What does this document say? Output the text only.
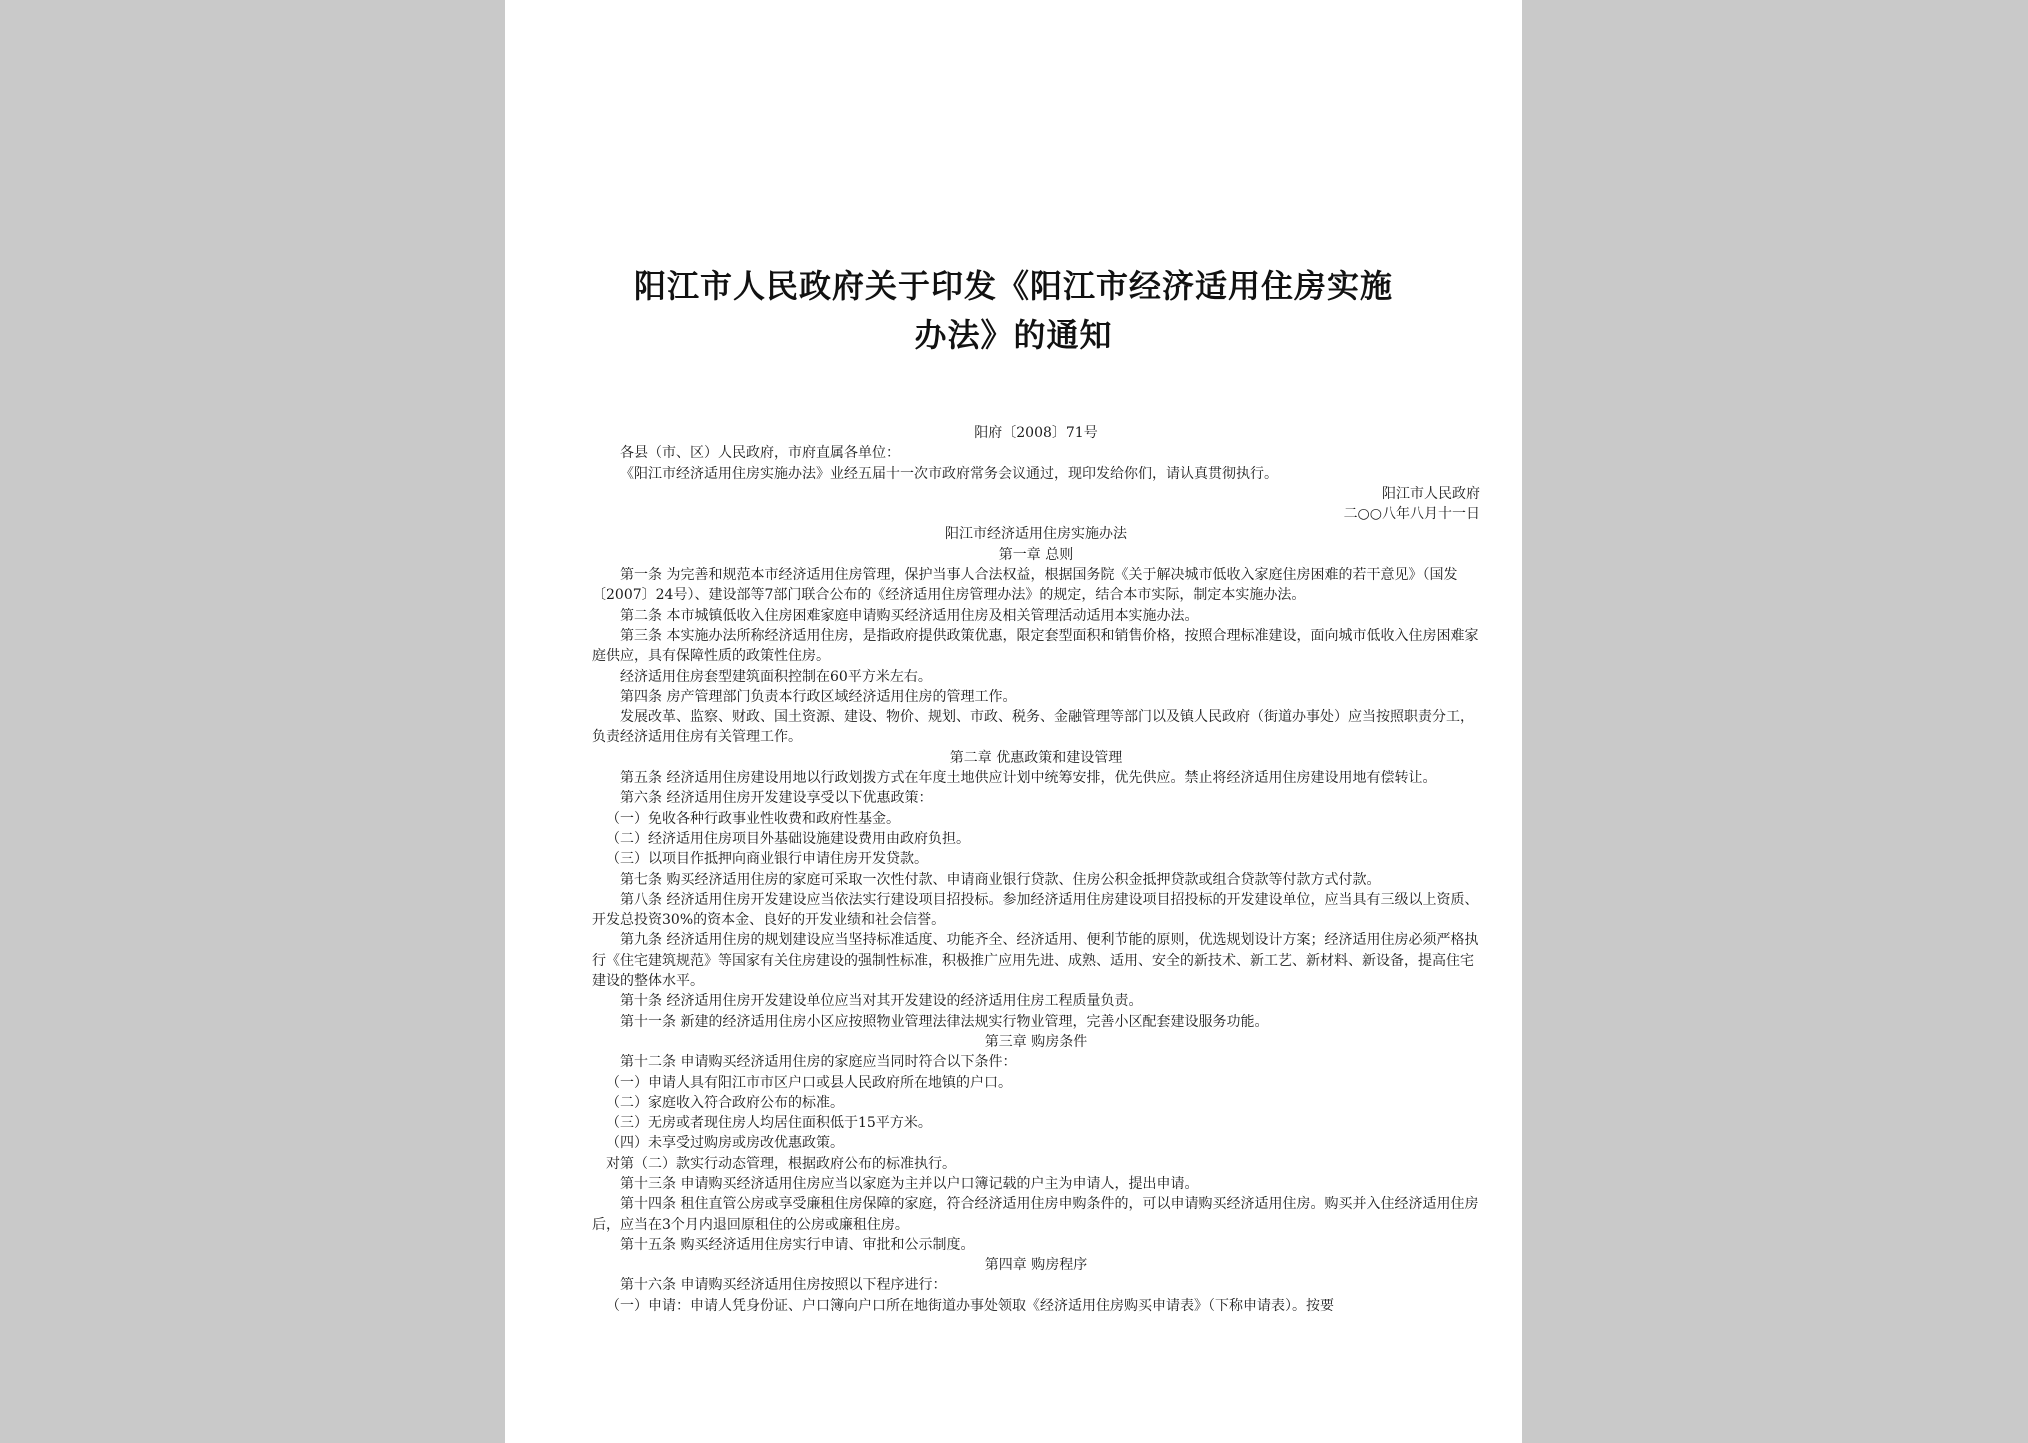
阳江市人民政府关于印发《阳江市经济适用住房实施
办法》的通知

阳府〔2008〕71号

各县（市、区）人民政府，市府直属各单位：

《阳江市经济适用住房实施办法》业经五届十一次市政府常务会议通过，现印发给你们，请认真贯彻执行。

阳江市人民政府

二○○八年八月十一日

阳江市经济适用住房实施办法

第一章 总则

第一条 为完善和规范本市经济适用住房管理，保护当事人合法权益，根据国务院《关于解决城市低收入家庭住房困难的若干意见》（国发〔2007〕24号）、建设部等7部门联合公布的《经济适用住房管理办法》的规定，结合本市实际，制定本实施办法。

第二条 本市城镇低收入住房困难家庭申请购买经济适用住房及相关管理活动适用本实施办法。

第三条 本实施办法所称经济适用住房，是指政府提供政策优惠，限定套型面积和销售价格，按照合理标准建设，面向城市低收入住房困难家庭供应，具有保障性质的政策性住房。

经济适用住房套型建筑面积控制在60平方米左右。

第四条 房产管理部门负责本行政区域经济适用住房的管理工作。

发展改革、监察、财政、国土资源、建设、物价、规划、市政、税务、金融管理等部门以及镇人民政府（街道办事处）应当按照职责分工，负责经济适用住房有关管理工作。

第二章 优惠政策和建设管理

第五条 经济适用住房建设用地以行政划拨方式在年度土地供应计划中统筹安排，优先供应。禁止将经济适用住房建设用地有偿转让。

第六条 经济适用住房开发建设享受以下优惠政策：

（一）免收各种行政事业性收费和政府性基金。

（二）经济适用住房项目外基础设施建设费用由政府负担。

（三）以项目作抵押向商业银行申请住房开发贷款。

第七条 购买经济适用住房的家庭可采取一次性付款、申请商业银行贷款、住房公积金抵押贷款或组合贷款等付款方式付款。

第八条 经济适用住房开发建设应当依法实行建设项目招投标。参加经济适用住房建设项目招投标的开发建设单位，应当具有三级以上资质、开发总投资30%的资本金、良好的开发业绩和社会信誉。

第九条 经济适用住房的规划建设应当坚持标准适度、功能齐全、经济适用、便利节能的原则，优选规划设计方案；经济适用住房必须严格执行《住宅建筑规范》等国家有关住房建设的强制性标准，积极推广应用先进、成熟、适用、安全的新技术、新工艺、新材料、新设备，提高住宅建设的整体水平。

第十条 经济适用住房开发建设单位应当对其开发建设的经济适用住房工程质量负责。

第十一条 新建的经济适用住房小区应按照物业管理法律法规实行物业管理，完善小区配套建设服务功能。

第三章 购房条件

第十二条 申请购买经济适用住房的家庭应当同时符合以下条件：

（一）申请人具有阳江市市区户口或县人民政府所在地镇的户口。

（二）家庭收入符合政府公布的标准。

（三）无房或者现住房人均居住面积低于15平方米。

（四）未享受过购房或房改优惠政策。

对第（二）款实行动态管理，根据政府公布的标准执行。

第十三条 申请购买经济适用住房应当以家庭为主并以户口簿记载的户主为申请人，提出申请。

第十四条 租住直管公房或享受廉租住房保障的家庭，符合经济适用住房申购条件的，可以申请购买经济适用住房。购买并入住经济适用住房后，应当在3个月内退回原租住的公房或廉租住房。

第十五条 购买经济适用住房实行申请、审批和公示制度。

第四章 购房程序

第十六条 申请购买经济适用住房按照以下程序进行：

（一）申请：申请人凭身份证、户口簿向户口所在地街道办事处领取《经济适用住房购买申请表》（下称申请表）。按要
